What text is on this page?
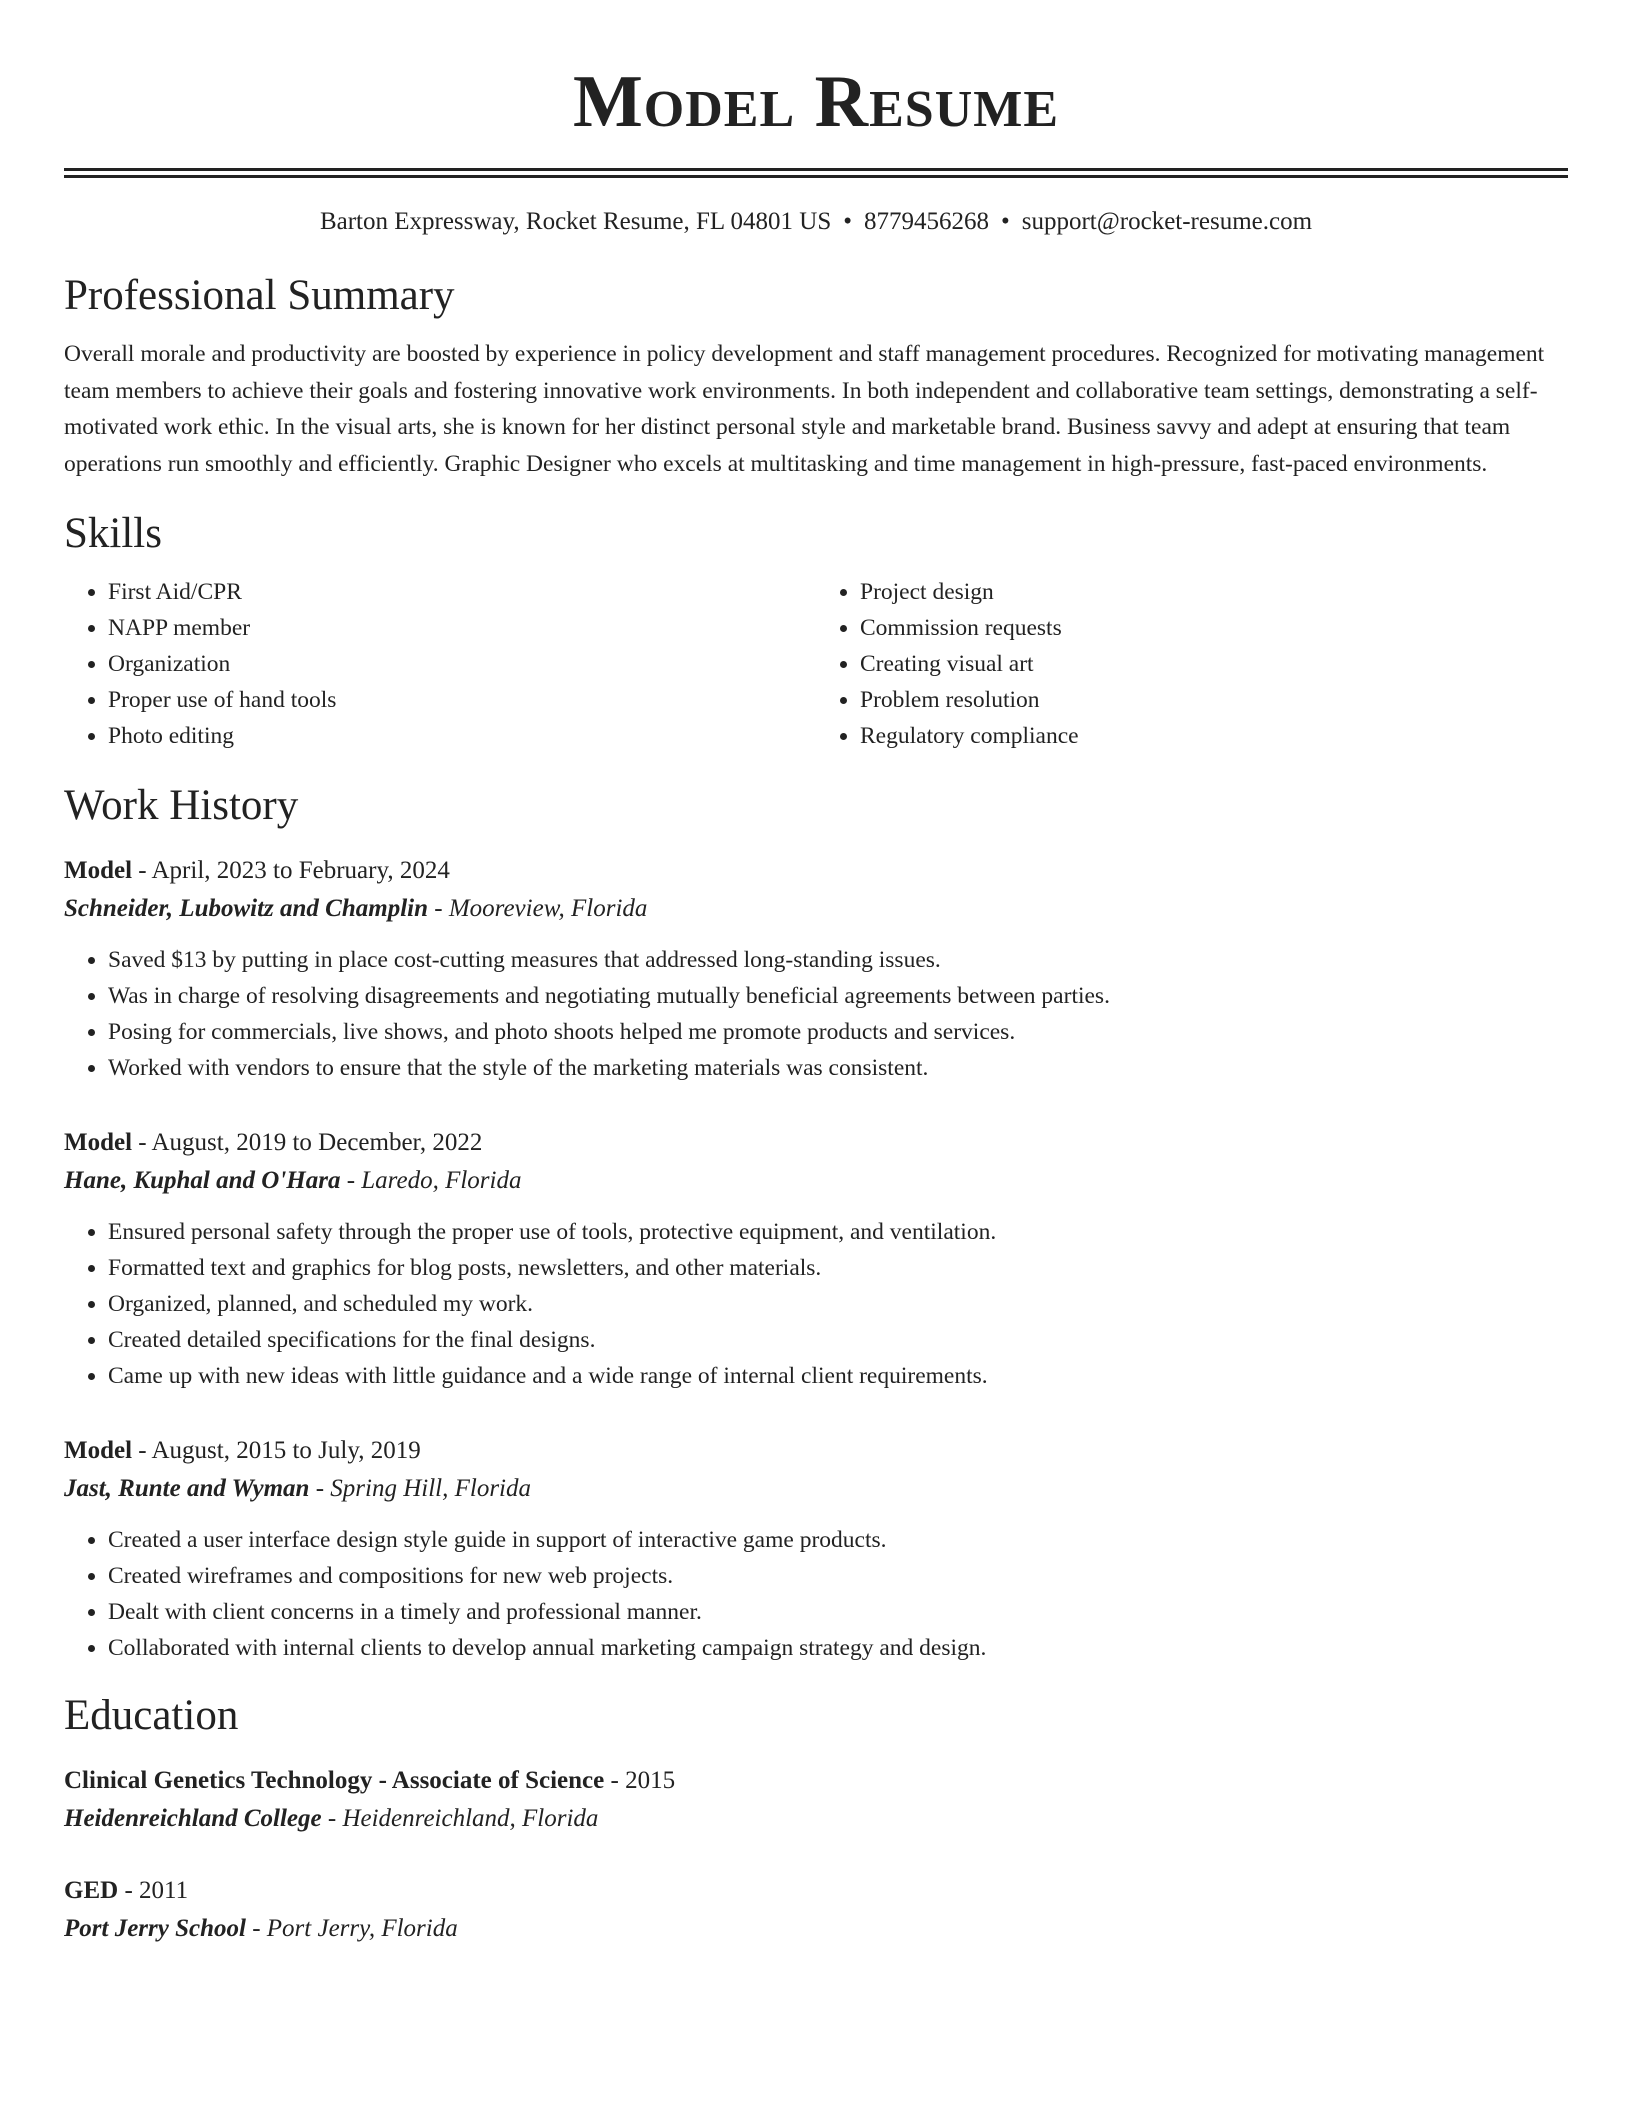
Model Resume
Barton Expressway, Rocket Resume, FL 04801 US • 8779456268 • support@rocket-resume.com
Professional Summary

Overall morale and productivity are boosted by experience in policy development and staff management procedures. Recognized for motivating management team members to achieve their goals and fostering innovative work environments. In both independent and collaborative team settings, demonstrating a self-motivated work ethic. In the visual arts, she is known for her distinct personal style and marketable brand. Business savvy and adept at ensuring that team operations run smoothly and efficiently. Graphic Designer who excels at multitasking and time management in high-pressure, fast-paced environments.

Skills
• First Aid/CPR
• NAPP member
• Organization
• Proper use of hand tools
• Photo editing
• Project design
• Commission requests
• Creating visual art
• Problem resolution
• Regulatory compliance
Work History
Model - April, 2023 to February, 2024
Schneider, Lubowitz and Champlin - Mooreview, Florida
• Saved $13 by putting in place cost-cutting measures that addressed long-standing issues.
• Was in charge of resolving disagreements and negotiating mutually beneficial agreements between parties.
• Posing for commercials, live shows, and photo shoots helped me promote products and services.
• Worked with vendors to ensure that the style of the marketing materials was consistent.
Model - August, 2019 to December, 2022
Hane, Kuphal and O'Hara - Laredo, Florida
• Ensured personal safety through the proper use of tools, protective equipment, and ventilation.
• Formatted text and graphics for blog posts, newsletters, and other materials.
• Organized, planned, and scheduled my work.
• Created detailed specifications for the final designs.
• Came up with new ideas with little guidance and a wide range of internal client requirements.
Model - August, 2015 to July, 2019
Jast, Runte and Wyman - Spring Hill, Florida
• Created a user interface design style guide in support of interactive game products.
• Created wireframes and compositions for new web projects.
• Dealt with client concerns in a timely and professional manner.
• Collaborated with internal clients to develop annual marketing campaign strategy and design.
Education
Clinical Genetics Technology - Associate of Science - 2015
Heidenreichland College - Heidenreichland, Florida
GED - 2011
Port Jerry School - Port Jerry, Florida
